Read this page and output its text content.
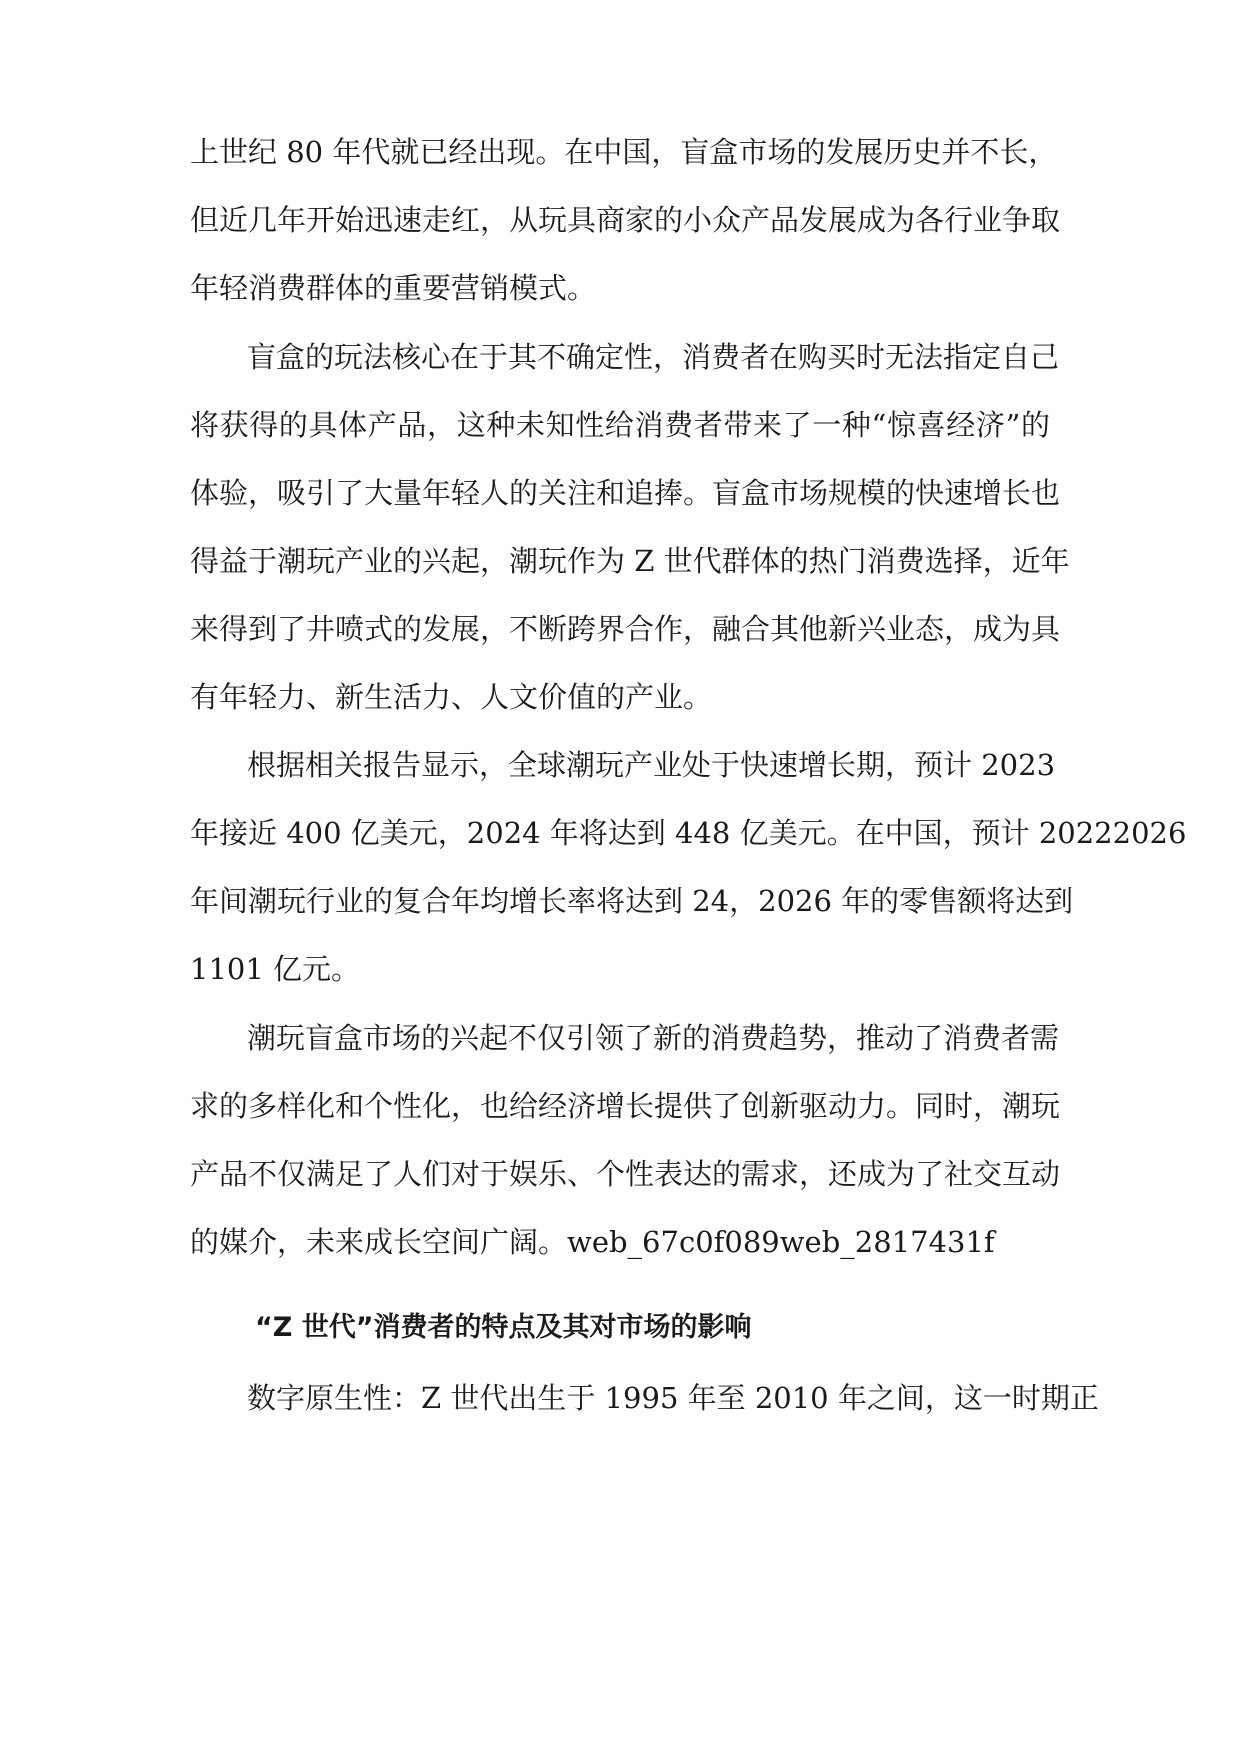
上世纪 80 年代就已经出现。在中国，盲盒市场的发展历史并不长，
但近几年开始迅速走红，从玩具商家的小众产品发展成为各行业争取
年轻消费群体的重要营销模式。
盲盒的玩法核心在于其不确定性，消费者在购买时无法指定自己
将获得的具体产品，这种未知性给消费者带来了一种“惊喜经济”的
体验，吸引了大量年轻人的关注和追捧。盲盒市场规模的快速增长也
得益于潮玩产业的兴起，潮玩作为 Z 世代群体的热门消费选择，近年
来得到了井喷式的发展，不断跨界合作，融合其他新兴业态，成为具
有年轻力、新生活力、人文价值的产业。
根据相关报告显示，全球潮玩产业处于快速增长期，预计 2023
年接近 400 亿美元，2024 年将达到 448 亿美元。在中国，预计 20222026
年间潮玩行业的复合年均增长率将达到 24，2026 年的零售额将达到
1101 亿元。
潮玩盲盒市场的兴起不仅引领了新的消费趋势，推动了消费者需
求的多样化和个性化，也给经济增长提供了创新驱动力。同时，潮玩
产品不仅满足了人们对于娱乐、个性表达的需求，还成为了社交互动
的媒介，未来成长空间广阔。web_67c0f089web_2817431f
“Z 世代”消费者的特点及其对市场的影响
数字原生性：Z 世代出生于 1995 年至 2010 年之间，这一时期正
